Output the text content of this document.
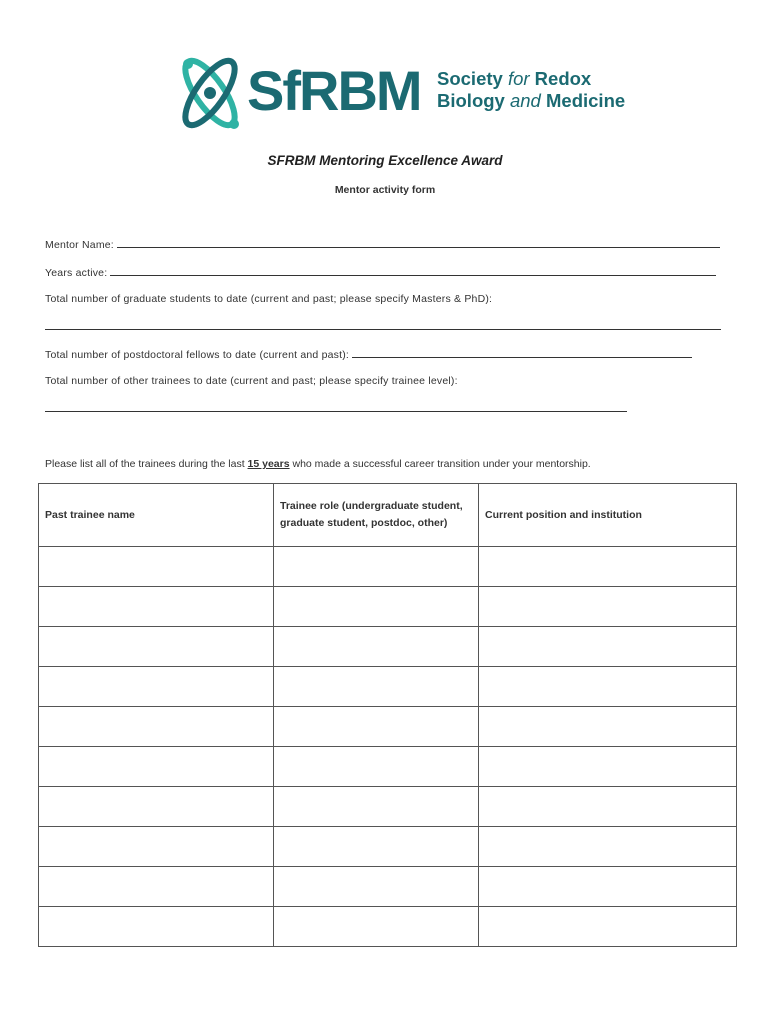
SfRBM Society for Redox
Biology and Medicine
SFRBM Mentoring Excellence Award
Mentor activity form
Mentor Name:
Years active:
Total number of graduate students to date (current and past; please specify Masters & PhD):
Total number of postdoctoral fellows to date (current and past):
Total number of other trainees to date (current and past; please specify trainee level):
Please list all of the trainees during the last 15 years who made a successful career transition under your mentorship.
Past trainee name	Trainee role (undergraduate student, graduate student, postdoc, other)	Current position and institution
